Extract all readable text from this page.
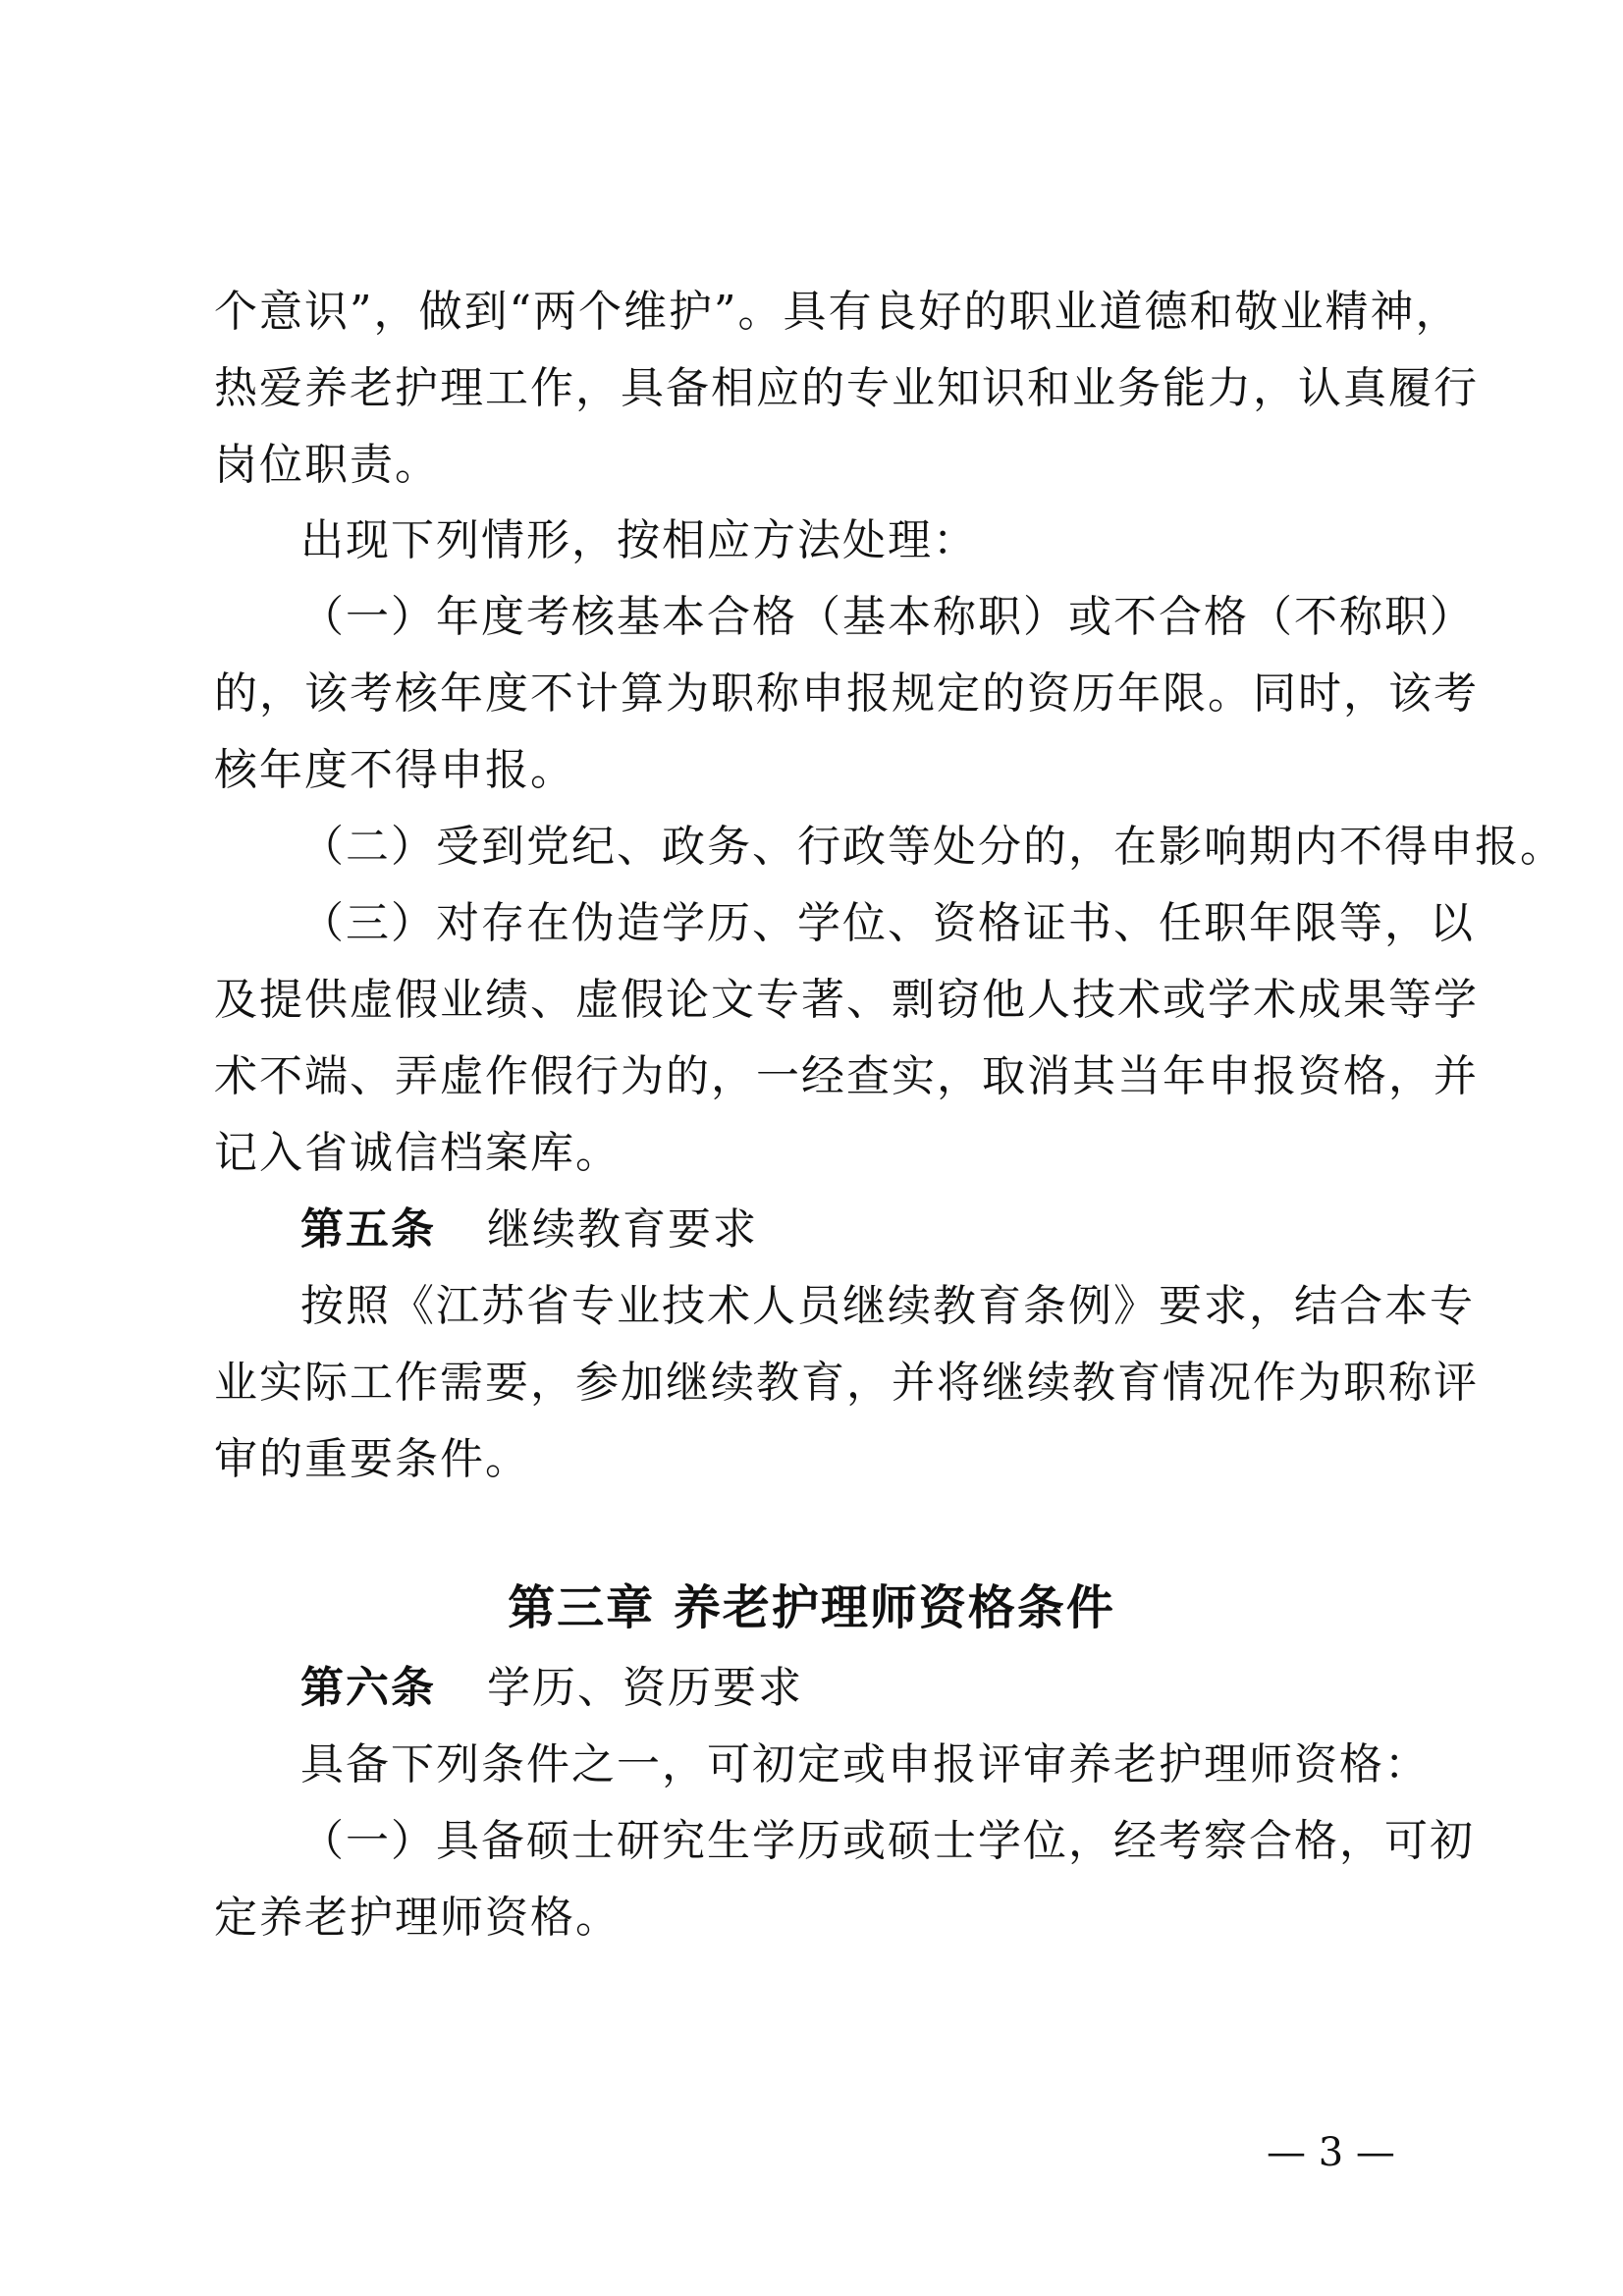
个意识”，做到“两个维护”。具有良好的职业道德和敬业精神，
热爱养老护理工作，具备相应的专业知识和业务能力，认真履行
岗位职责。
出现下列情形，按相应方法处理：
（一）年度考核基本合格（基本称职）或不合格（不称职）
的，该考核年度不计算为职称申报规定的资历年限。同时，该考
核年度不得申报。
（二）受到党纪、政务、行政等处分的，在影响期内不得申报。
（三）对存在伪造学历、学位、资格证书、任职年限等，以
及提供虚假业绩、虚假论文专著、剽窃他人技术或学术成果等学
术不端、弄虚作假行为的，一经查实，取消其当年申报资格，并
记入省诚信档案库。
第五条 继续教育要求
按照《江苏省专业技术人员继续教育条例》要求，结合本专
业实际工作需要，参加继续教育，并将继续教育情况作为职称评
审的重要条件。
第三章 养老护理师资格条件
第六条 学历、资历要求
具备下列条件之一，可初定或申报评审养老护理师资格：
（一）具备硕士研究生学历或硕士学位，经考察合格，可初
定养老护理师资格。
— 3 —
